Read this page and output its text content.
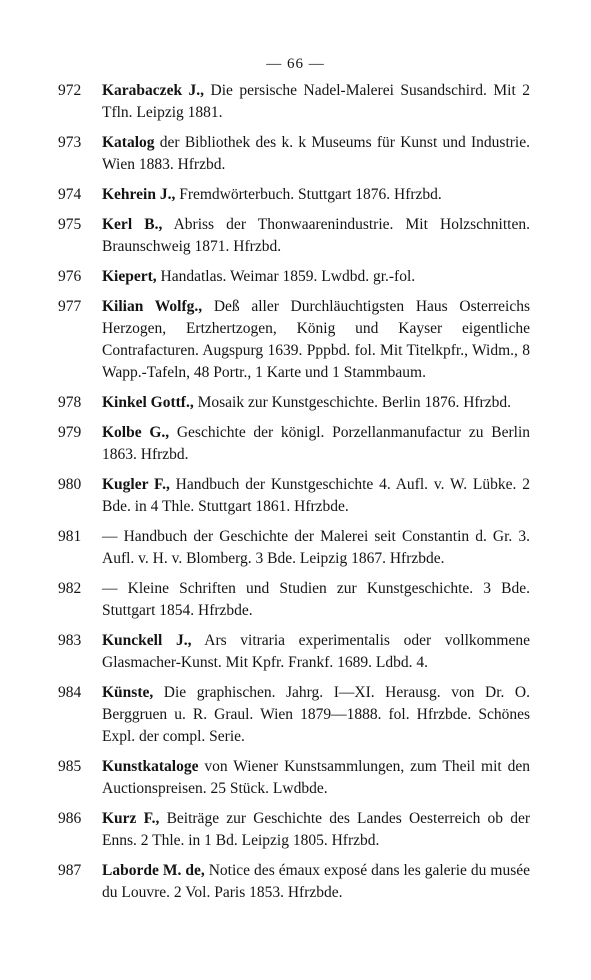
— 66 —
972	Karabaczek J., Die persische Nadel-Malerei Susandschird. Mit 2 Tfln. Leipzig 1881.
973	Katalog der Bibliothek des k. k Museums für Kunst und Industrie. Wien 1883. Hfrzbd.
974	Kehrein J., Fremdwörterbuch. Stuttgart 1876. Hfrzbd.
975	Kerl B., Abriss der Thonwaarenindustrie. Mit Holzschnitten. Braunschweig 1871. Hfrzbd.
976	Kiepert, Handatlas. Weimar 1859. Lwdbd. gr.-fol.
977	Kilian Wolfg., Deß aller Durchläuchtigsten Haus Osterreichs Herzogen, Ertzhertzogen, König und Kayser eigentliche Contrafacturen. Augspurg 1639. Pppbd. fol. Mit Titelkpfr., Widm., 8 Wapp.-Tafeln, 48 Portr., 1 Karte und 1 Stammbaum.
978	Kinkel Gottf., Mosaik zur Kunstgeschichte. Berlin 1876. Hfrzbd.
979	Kolbe G., Geschichte der königl. Porzellanmanufactur zu Berlin 1863. Hfrzbd.
980	Kugler F., Handbuch der Kunstgeschichte 4. Aufl. v. W. Lübke. 2 Bde. in 4 Thle. Stuttgart 1861. Hfrzbde.
981	— Handbuch der Geschichte der Malerei seit Constantin d. Gr. 3. Aufl. v. H. v. Blomberg. 3 Bde. Leipzig 1867. Hfrzbde.
982	— Kleine Schriften und Studien zur Kunstgeschichte. 3 Bde. Stuttgart 1854. Hfrzbde.
983	Kunckell J., Ars vitraria experimentalis oder vollkommene Glasmacher-Kunst. Mit Kpfr. Frankf. 1689. Ldbd. 4.
984	Künste, Die graphischen. Jahrg. I—XI. Herausg. von Dr. O. Berggruen u. R. Graul. Wien 1879—1888. fol. Hfrzbde. Schönes Expl. der compl. Serie.
985	Kunstkataloge von Wiener Kunstsammlungen, zum Theil mit den Auctionspreisen. 25 Stück. Lwdbde.
986	Kurz F., Beiträge zur Geschichte des Landes Oesterreich ob der Enns. 2 Thle. in 1 Bd. Leipzig 1805. Hfrzbd.
987	Laborde M. de, Notice des émaux exposé dans les galerie du musée du Louvre. 2 Vol. Paris 1853. Hfrzbde.
